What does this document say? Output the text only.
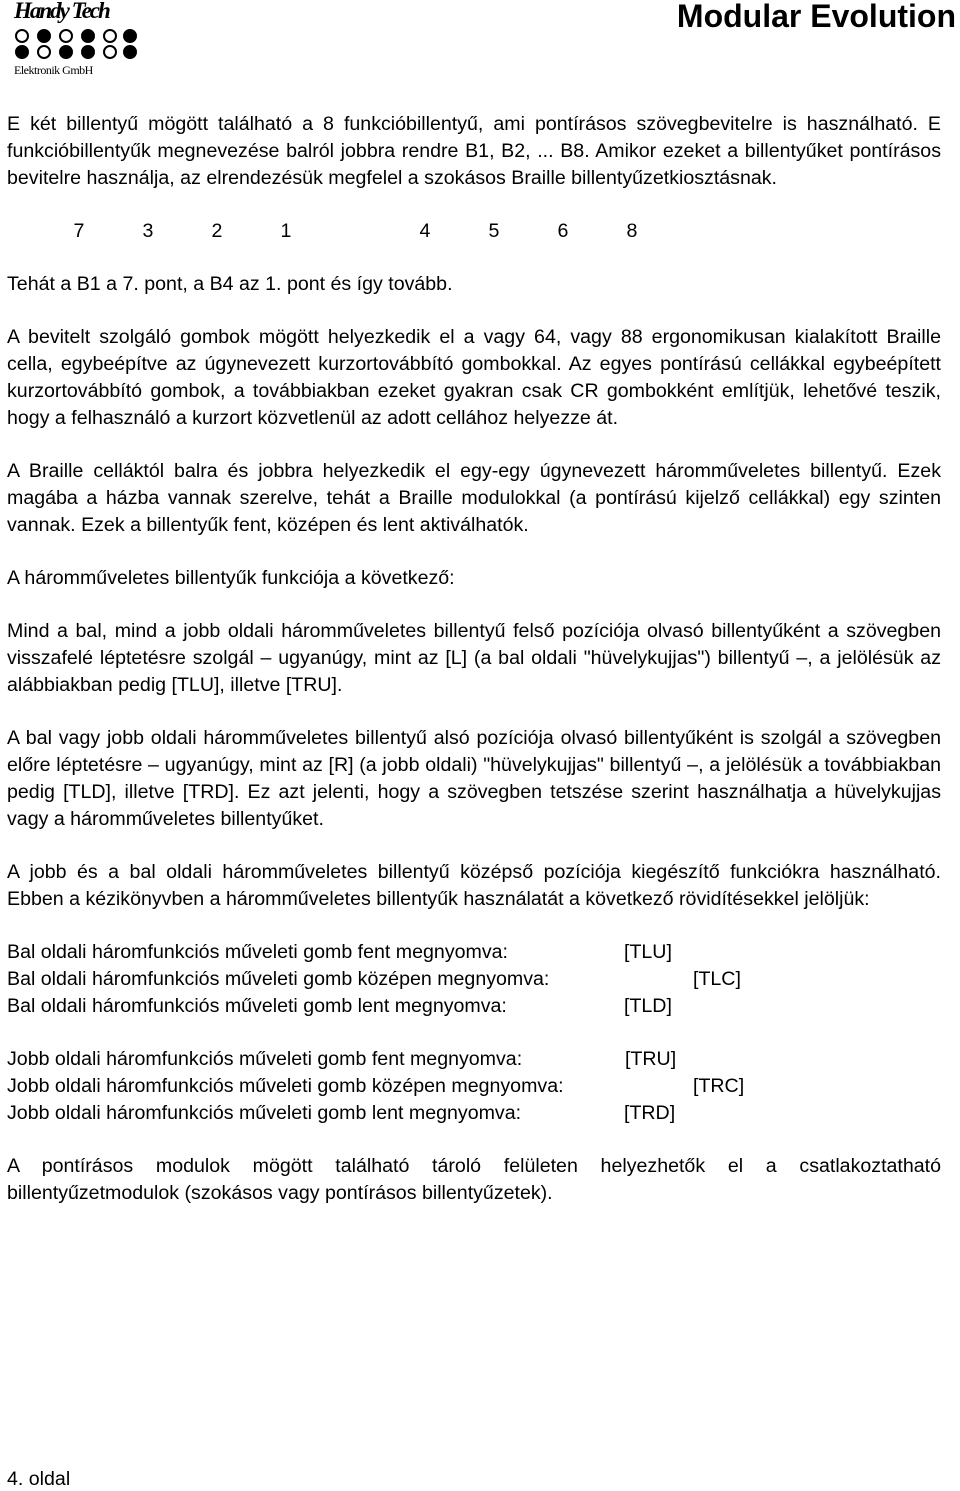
Handy Tech
Elektronik GmbH
Modular Evolution

E két billentyű mögött található a 8 funkcióbillentyű, ami pontírásos szövegbevitelre is használható. E funkcióbillentyűk megnevezése balról jobbra rendre B1, B2, ... B8. Amikor ezeket a billentyűket pontírásos bevitelre használja, az elrendezésük megfelel a szokásos Braille billentyűzetkiosztásnak.

7	3	2	1	4	5	6	8

Tehát a B1 a 7. pont, a B4 az 1. pont és így tovább.

A bevitelt szolgáló gombok mögött helyezkedik el a vagy 64, vagy 88 ergonomikusan kialakított Braille cella, egybeépítve az úgynevezett kurzortovábbító gombokkal. Az egyes pontírású cellákkal egybeépített kurzortovábbító gombok, a továbbiakban ezeket gyakran csak CR gombokként említjük, lehetővé teszik, hogy a felhasználó a kurzort közvetlenül az adott cellához helyezze át.

A Braille celláktól balra és jobbra helyezkedik el egy-egy úgynevezett háromműveletes billentyű. Ezek magába a házba vannak szerelve, tehát a Braille modulokkal (a pontírású kijelző cellákkal) egy szinten vannak. Ezek a billentyűk fent, középen és lent aktiválhatók.

A háromműveletes billentyűk funkciója a következő:

Mind a bal, mind a jobb oldali háromműveletes billentyű felső pozíciója olvasó billentyűként a szövegben visszafelé léptetésre szolgál – ugyanúgy, mint az [L] (a bal oldali "hüvelykujjas") billentyű –, a jelölésük az alábbiakban pedig [TLU], illetve [TRU].

A bal vagy jobb oldali háromműveletes billentyű alsó pozíciója olvasó billentyűként is szolgál a szövegben előre léptetésre – ugyanúgy, mint az [R] (a jobb oldali) "hüvelykujjas" billentyű –, a jelölésük a továbbiakban pedig [TLD], illetve [TRD]. Ez azt jelenti, hogy a szövegben tetszése szerint használhatja a hüvelykujjas vagy a háromműveletes billentyűket.

A jobb és a bal oldali háromműveletes billentyű középső pozíciója kiegészítő funkciókra használható. Ebben a kézikönyvben a háromműveletes billentyűk használatát a következő rövidítésekkel jelöljük:

Bal oldali háromfunkciós műveleti gomb fent megnyomva:	[TLU]
Bal oldali háromfunkciós műveleti gomb középen megnyomva:	[TLC]
Bal oldali háromfunkciós műveleti gomb lent megnyomva:	[TLD]
Jobb oldali háromfunkciós műveleti gomb fent megnyomva:	[TRU]
Jobb oldali háromfunkciós műveleti gomb középen megnyomva:	[TRC]
Jobb oldali háromfunkciós műveleti gomb lent megnyomva:	[TRD]

A pontírásos modulok mögött található tároló felületen helyezhetők el a csatlakoztatható billentyűzetmodulok (szokásos vagy pontírásos billentyűzetek).

4. oldal
